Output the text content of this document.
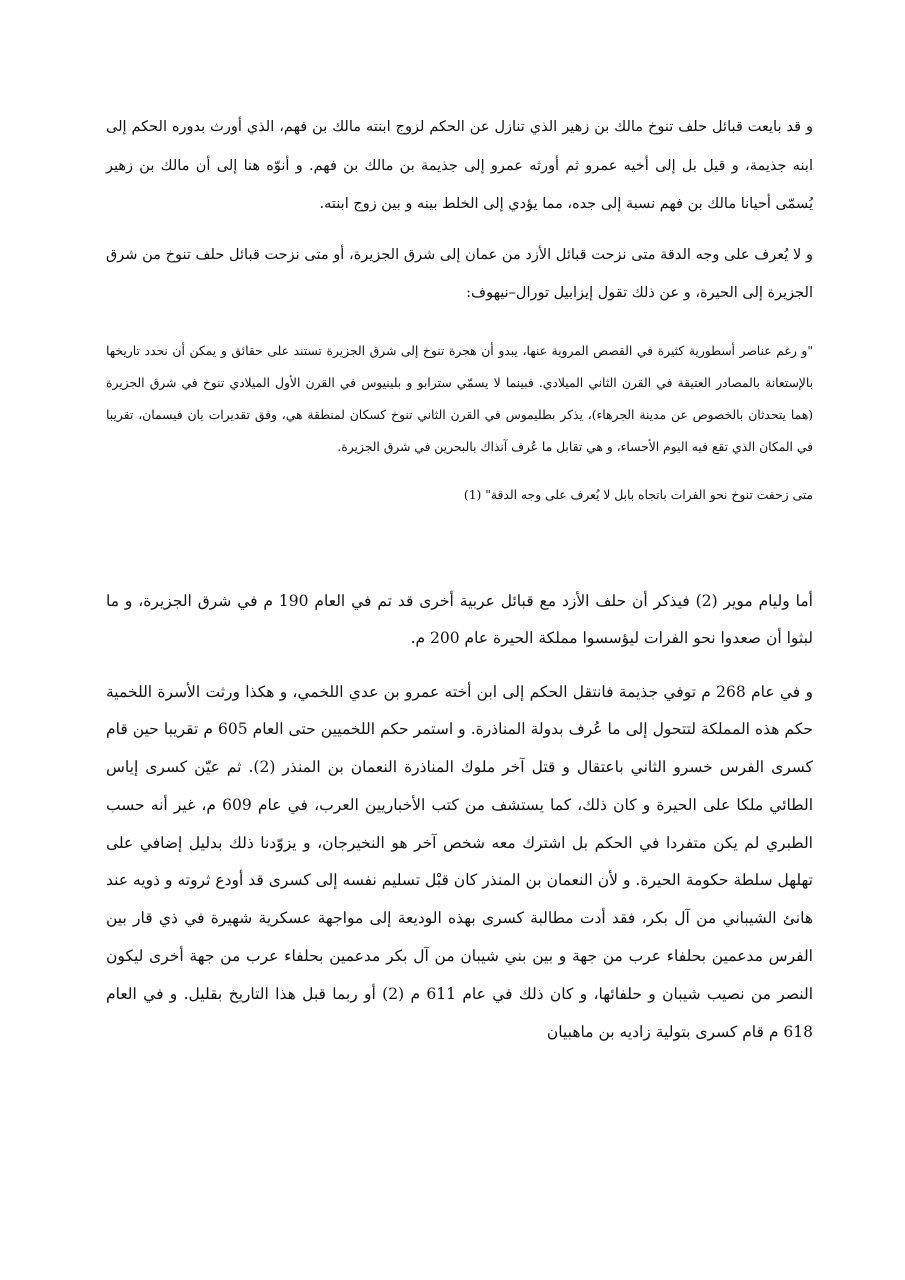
و قد بايعت قبائل حلف تنوخ مالك بن زهير الذي تنازل عن الحكم لزوج ابنته مالك بن فهم، الذي أورث بدوره الحكم إلى ابنه جذيمة، و قيل بل إلى أخيه عمرو ثم أورثه عمرو إلى جذيمة بن مالك بن فهم. و أنوّه هنا إلى أن مالك بن زهير يُسمّى أحيانا مالك بن فهم نسبة إلى جده، مما يؤدي إلى الخلط بينه و بين زوج ابنته.

و لا يُعرف على وجه الدقة متى نزحت قبائل الأزد من عمان إلى شرق الجزيرة، أو متى نزحت قبائل حلف تنوخ من شرق الجزيرة إلى الحيرة، و عن ذلك تقول إيزابيل تورال–نيهوف:

"و رغم عناصر أسطورية كثيرة في القصص المروية عنها، يبدو أن هجرة تنوخ إلى شرق الجزيرة تستند على حقائق و يمكن أن نحدد تاريخها بالإستعانة بالمصادر العتيقة في القرن الثاني الميلادي. فبينما لا يسمّي سترابو و بلينيوس في القرن الأول الميلادي تنوخ في شرق الجزيرة (هما يتحدثان بالخصوص عن مدينة الجرهاء)، يذكر بطليموس في القرن الثاني تنوخ كسكان لمنطقة هي، وفق تقديرات يان فيسمان، تقريبا في المكان الذي تقع فيه اليوم الأحساء، و هي تقابل ما عُرف آنذاك بالبحرين في شرق الجزيرة.

متى زحفت تنوخ نحو الفرات باتجاه بابل لا يُعرف على وجه الدقة" (1)

أما وليام موير (2) فيذكر أن حلف الأزد مع قبائل عربية أخرى قد تم في العام 190 م في شرق الجزيرة، و ما لبثوا أن صعدوا نحو الفرات ليؤسسوا مملكة الحيرة عام 200 م.

و في عام 268 م توفي جذيمة فانتقل الحكم إلى ابن أخته عمرو بن عدي اللخمي، و هكذا ورثت الأسرة اللخمية حكم هذه المملكة لتتحول إلى ما عُرف بدولة المناذرة. و استمر حكم اللخميين حتى العام 605 م تقريبا حين قام كسرى الفرس خسرو الثاني باعتقال و قتل آخر ملوك المناذرة النعمان بن المنذر (2). ثم عيّن كسرى إياس الطائي ملكا على الحيرة و كان ذلك، كما يستشف من كتب الأخباريين العرب، في عام 609 م، غير أنه حسب الطبري لم يكن متفردا في الحكم بل اشترك معه شخص آخر هو النخيرجان، و يزوّدنا ذلك بدليل إضافي على تهلهل سلطة حكومة الحيرة. و لأن النعمان بن المنذر كان قبْل تسليم نفسه إلى كسرى قد أودع ثروته و ذويه عند هانئ الشيباني من آل بكر، فقد أدت مطالبة كسرى بهذه الوديعة إلى مواجهة عسكرية شهيرة في ذي قار بين الفرس مدعمين بحلفاء عرب من جهة و بين بني شيبان من آل بكر مدعمين بحلفاء عرب من جهة أخرى ليكون النصر من نصيب شيبان و حلفائها، و كان ذلك في عام 611 م (2) أو ربما قبل هذا التاريخ بقليل. و في العام 618 م قام كسرى بتولية زاديه بن ماهبيان
